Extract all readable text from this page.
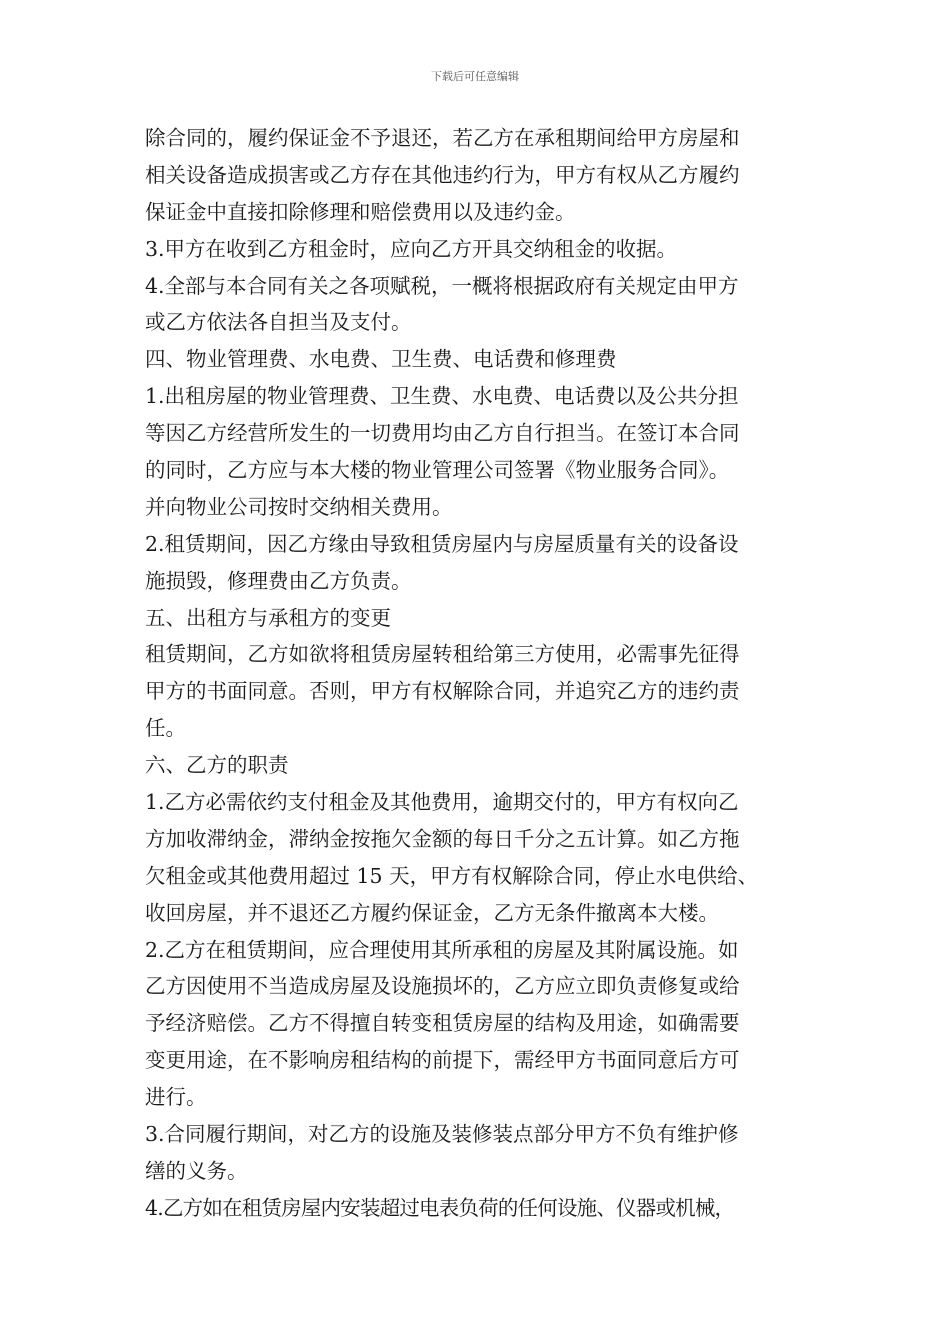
下载后可任意编辑
除合同的，履约保证金不予退还，若乙方在承租期间给甲方房屋和
相关设备造成损害或乙方存在其他违约行为，甲方有权从乙方履约
保证金中直接扣除修理和赔偿费用以及违约金。
3.甲方在收到乙方租金时，应向乙方开具交纳租金的收据。
4.全部与本合同有关之各项赋税，一概将根据政府有关规定由甲方
或乙方依法各自担当及支付。
四、物业管理费、水电费、卫生费、电话费和修理费
1.出租房屋的物业管理费、卫生费、水电费、电话费以及公共分担
等因乙方经营所发生的一切费用均由乙方自行担当。在签订本合同
的同时，乙方应与本大楼的物业管理公司签署《物业服务合同》。
并向物业公司按时交纳相关费用。
2.租赁期间，因乙方缘由导致租赁房屋内与房屋质量有关的设备设
施损毁，修理费由乙方负责。
五、出租方与承租方的变更
租赁期间，乙方如欲将租赁房屋转租给第三方使用，必需事先征得
甲方的书面同意。否则，甲方有权解除合同，并追究乙方的违约责
任。
六、乙方的职责
1.乙方必需依约支付租金及其他费用，逾期交付的，甲方有权向乙
方加收滞纳金，滞纳金按拖欠金额的每日千分之五计算。如乙方拖
欠租金或其他费用超过 15 天，甲方有权解除合同，停止水电供给、
收回房屋，并不退还乙方履约保证金，乙方无条件撤离本大楼。
2.乙方在租赁期间，应合理使用其所承租的房屋及其附属设施。如
乙方因使用不当造成房屋及设施损坏的，乙方应立即负责修复或给
予经济赔偿。乙方不得擅自转变租赁房屋的结构及用途，如确需要
变更用途，在不影响房租结构的前提下，需经甲方书面同意后方可
进行。
3.合同履行期间，对乙方的设施及装修装点部分甲方不负有维护修
缮的义务。
4.乙方如在租赁房屋内安装超过电表负荷的任何设施、仪器或机械，
